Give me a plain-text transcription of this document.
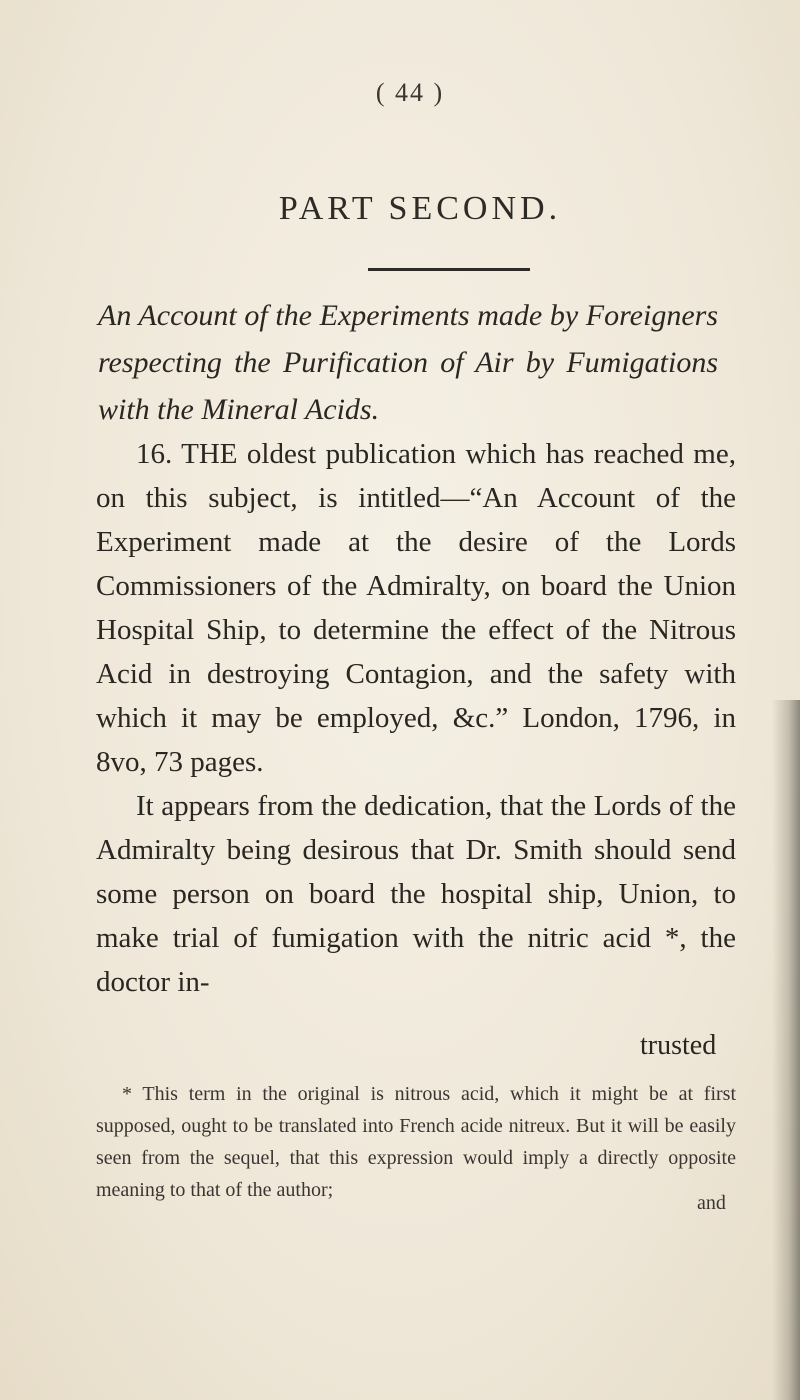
( 44 )
PART SECOND.
An Account of the Experiments made by Foreigners respecting the Purification of Air by Fumigations with the Mineral Acids.

16. THE oldest publication which has reached me, on this subject, is intitled—“An Account of the Experiment made at the desire of the Lords Commissioners of the Admiralty, on board the Union Hospital Ship, to determine the effect of the Nitrous Acid in destroying Contagion, and the safety with which it may be employed, &c.” London, 1796, in 8vo, 73 pages.

It appears from the dedication, that the Lords of the Admiralty being desirous that Dr. Smith should send some person on board the hospital ship, Union, to make trial of fumigation with the nitric acid *, the doctor in-

trusted

* This term in the original is nitrous acid, which it might be at first supposed, ought to be translated into French acide nitreux. But it will be easily seen from the sequel, that this expression would imply a directly opposite meaning to that of the author;

and
